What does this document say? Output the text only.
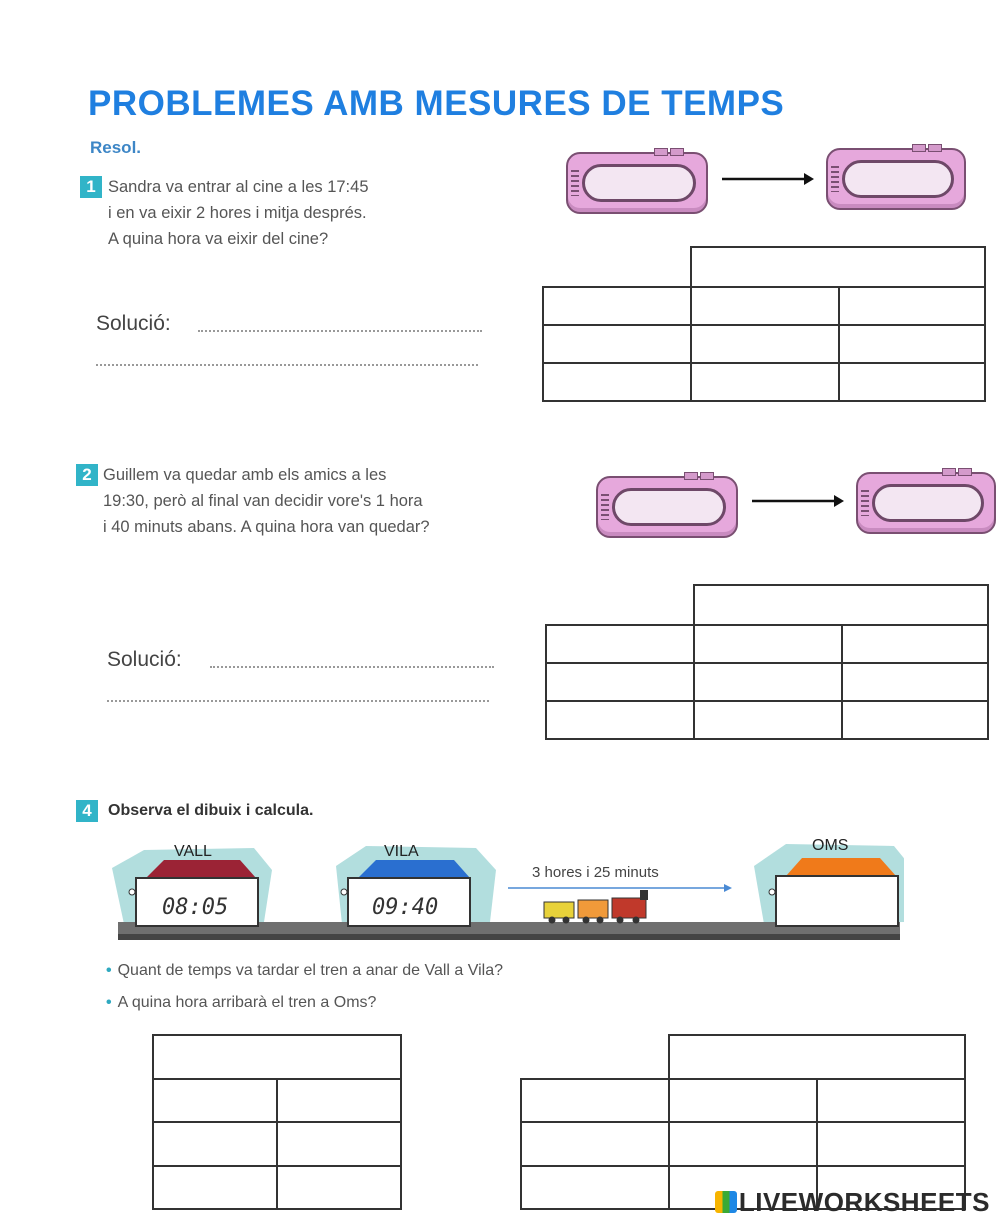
PROBLEMES AMB MESURES DE TEMPS
Resol.
1 Sandra va entrar al cine a les 17:45
i en va eixir 2 hores i mitja després.
A quina hora va eixir del cine?
Solució:

2 Guillem va quedar amb els amics a les
19:30, però al final van decidir vore's 1 hora
i 40 minuts abans. A quina hora van quedar?
Solució:

4	Observa el dibuix i calcula.
VALL	VILA	OMS
08:05	09:40
3 hores i 25 minuts
• Quant de temps va tardar el tren a anar de Vall a Vila?
• A quina hora arribarà el tren a Oms?

LIVEWORKSHEETS
